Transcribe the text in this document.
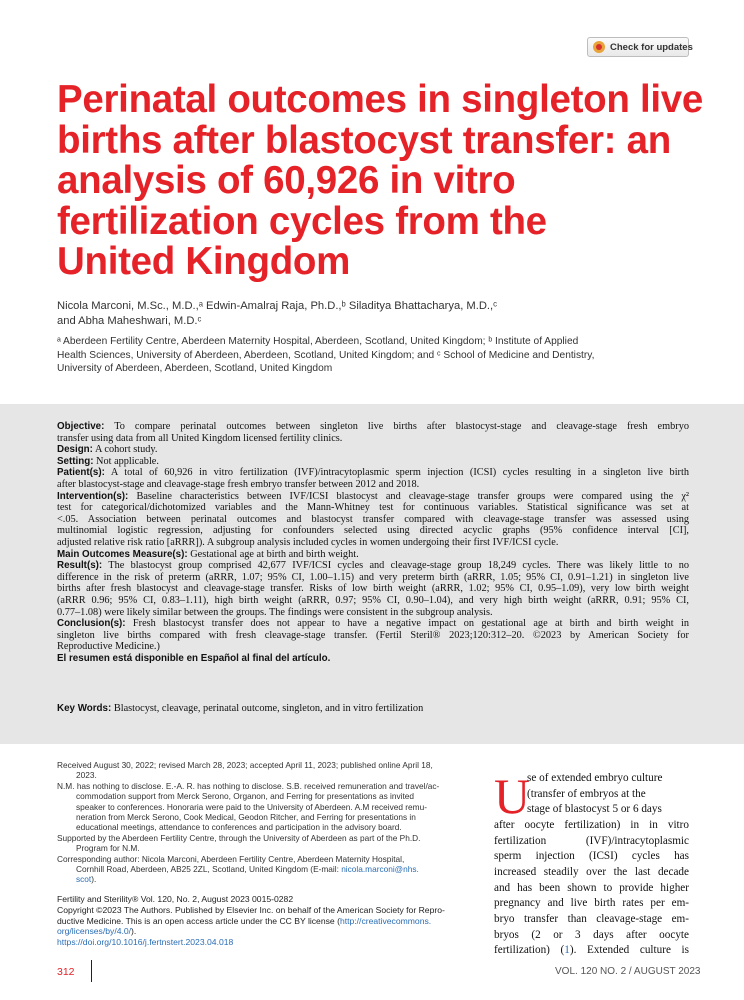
Check for updates
Perinatal outcomes in singleton live
births after blastocyst transfer: an
analysis of 60,926 in vitro
fertilization cycles from the
United Kingdom
Nicola Marconi, M.Sc., M.D.,ᵃ Edwin-Amalraj Raja, Ph.D.,ᵇ Siladitya Bhattacharya, M.D.,ᶜ
and Abha Maheshwari, M.D.ᶜ
ᵃ Aberdeen Fertility Centre, Aberdeen Maternity Hospital, Aberdeen, Scotland, United Kingdom; ᵇ Institute of Applied
Health Sciences, University of Aberdeen, Aberdeen, Scotland, United Kingdom; and ᶜ School of Medicine and Dentistry,
University of Aberdeen, Aberdeen, Scotland, United Kingdom
Objective: To compare perinatal outcomes between singleton live births after blastocyst-stage and cleavage-stage fresh embryo
transfer using data from all United Kingdom licensed fertility clinics.
Design: A cohort study.
Setting: Not applicable.
Patient(s): A total of 60,926 in vitro fertilization (IVF)/intracytoplasmic sperm injection (ICSI) cycles resulting in a singleton live birth
after blastocyst-stage and cleavage-stage fresh embryo transfer between 2012 and 2018.
Intervention(s): Baseline characteristics between IVF/ICSI blastocyst and cleavage-stage transfer groups were compared using the χ²
test for categorical/dichotomized variables and the Mann-Whitney test for continuous variables. Statistical significance was set at
<.05. Association between perinatal outcomes and blastocyst transfer compared with cleavage-stage transfer was assessed using
multinomial logistic regression, adjusting for confounders selected using directed acyclic graphs (95% confidence interval [CI],
adjusted relative risk ratio [aRRR]). A subgroup analysis included cycles in women undergoing their first IVF/ICSI cycle.
Main Outcomes Measure(s): Gestational age at birth and birth weight.
Result(s): The blastocyst group comprised 42,677 IVF/ICSI cycles and cleavage-stage group 18,249 cycles. There was likely little to no
difference in the risk of preterm (aRRR, 1.07; 95% CI, 1.00–1.15) and very preterm birth (aRRR, 1.05; 95% CI, 0.91–1.21) in singleton live
births after fresh blastocyst and cleavage-stage transfer. Risks of low birth weight (aRRR, 1.02; 95% CI, 0.95–1.09), very low birth weight
(aRRR 0.96; 95% CI, 0.83–1.11), high birth weight (aRRR, 0.97; 95% CI, 0.90–1.04), and very high birth weight (aRRR, 0.91; 95% CI,
0.77–1.08) were likely similar between the groups. The findings were consistent in the subgroup analysis.
Conclusion(s): Fresh blastocyst transfer does not appear to have a negative impact on gestational age at birth and birth weight in
singleton live births compared with fresh cleavage-stage transfer. (Fertil Steril® 2023;120:312–20. ©2023 by American Society for
Reproductive Medicine.)
El resumen está disponible en Español al final del artículo.
Key Words: Blastocyst, cleavage, perinatal outcome, singleton, and in vitro fertilization
Received August 30, 2022; revised March 28, 2023; accepted April 11, 2023; published online April 18,
2023.
N.M. has nothing to disclose. E.-A. R. has nothing to disclose. S.B. received remuneration and travel/ac-
commodation support from Merck Serono, Organon, and Ferring for presentations as invited
speaker to conferences. Honoraria were paid to the University of Aberdeen. A.M received remu-
neration from Merck Serono, Cook Medical, Geodon Ritcher, and Ferring for presentations in
educational meetings, attendance to conferences and participation in the advisory board.
Supported by the Aberdeen Fertility Centre, through the University of Aberdeen as part of the Ph.D.
Program for N.M.
Corresponding author: Nicola Marconi, Aberdeen Fertility Centre, Aberdeen Maternity Hospital,
Cornhill Road, Aberdeen, AB25 2ZL, Scotland, United Kingdom (E-mail: nicola.marconi@nhs.
scot).
Fertility and Sterility® Vol. 120, No. 2, August 2023 0015-0282
Copyright ©2023 The Authors. Published by Elsevier Inc. on behalf of the American Society for Repro-
ductive Medicine. This is an open access article under the CC BY license (http://creativecommons.
org/licenses/by/4.0/).
https://doi.org/10.1016/j.fertnstert.2023.04.018
U
se of extended embryo culture
(transfer of embryos at the
stage of blastocyst 5 or 6 days
after oocyte fertilization) in in vitro
fertilization (IVF)/intracytoplasmic
sperm injection (ICSI) cycles has
increased steadily over the last decade
and has been shown to provide higher
pregnancy and live birth rates per em-
bryo transfer than cleavage-stage em-
bryos (2 or 3 days after oocyte
fertilization) (1). Extended culture is
312	VOL. 120 NO. 2 / AUGUST 2023
